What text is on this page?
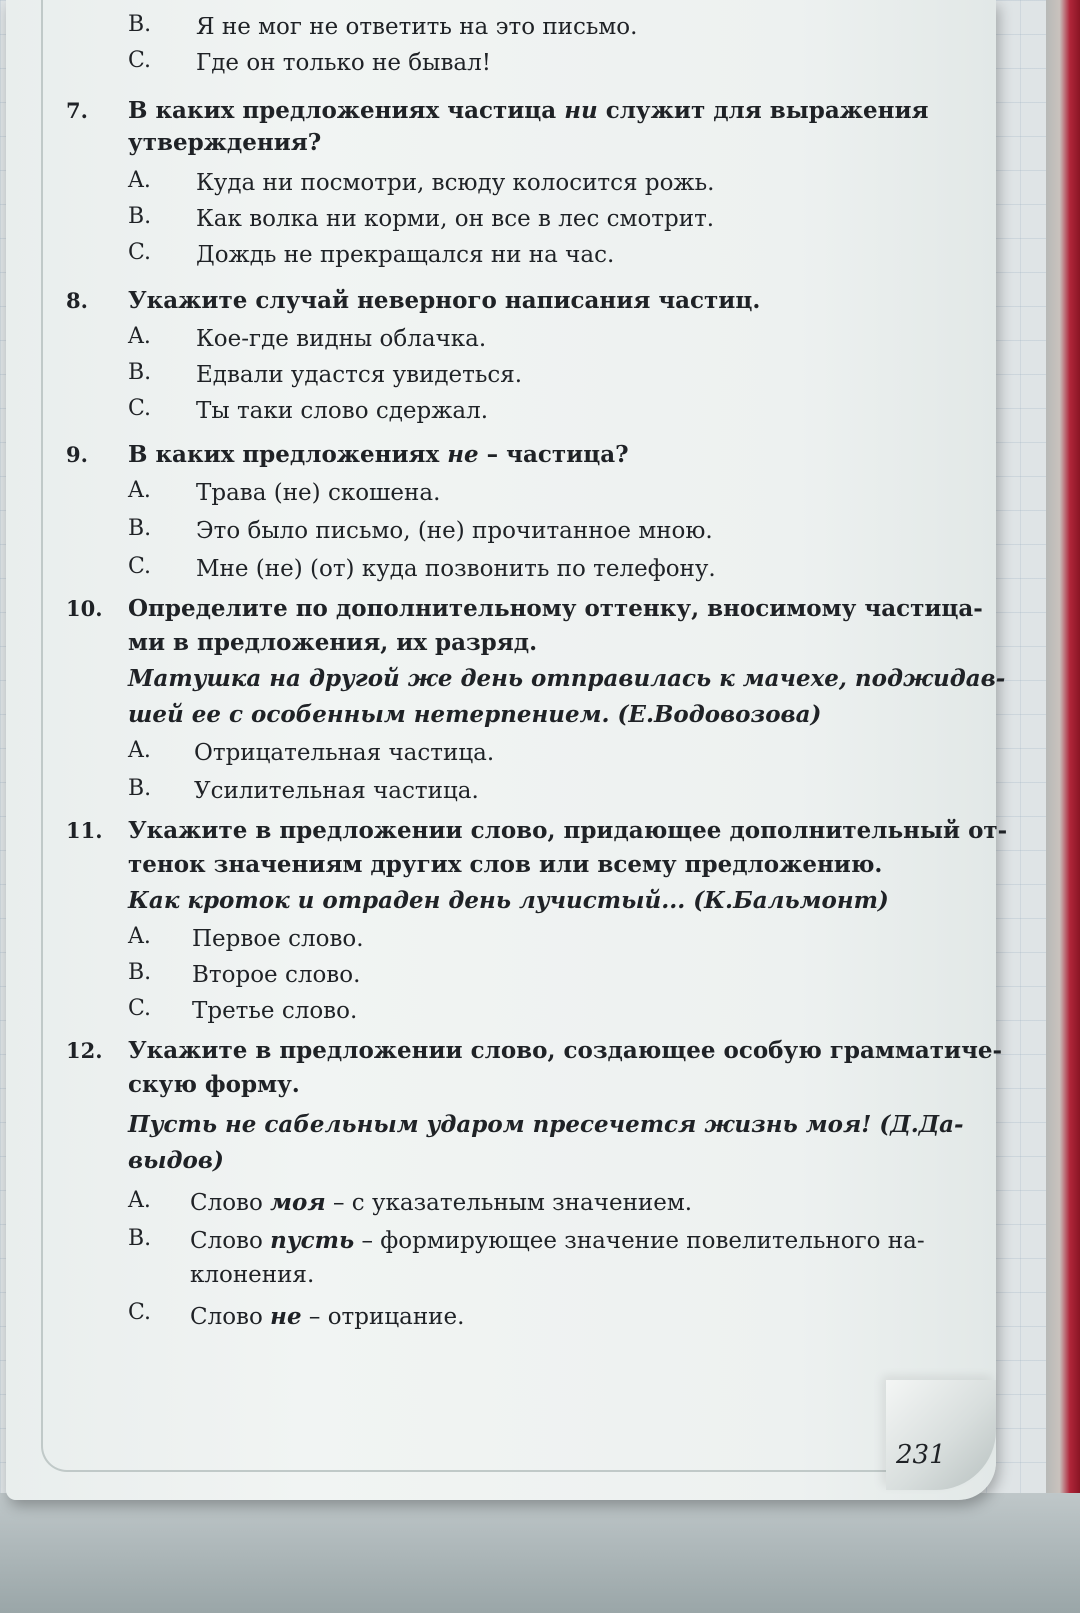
B. Я не мог не ответить на это письмо.
C. Где он только не бывал!
7. В каких предложениях частица ни служит для выражения
утверждения?
A. Куда ни посмотри, всюду колосится рожь.
B. Как волка ни корми, он все в лес смотрит.
C. Дождь не прекращался ни на час.
8. Укажите случай неверного написания частиц.
A. Кое-где видны облачка.
B. Едвали удастся увидеться.
C. Ты таки слово сдержал.
9. В каких предложениях не – частица?
A. Трава (не) скошена.
B. Это было письмо, (не) прочитанное мною.
C. Мне (не) (от) куда позвонить по телефону.
10. Определите по дополнительному оттенку, вносимому частица-
ми в предложения, их разряд.
Матушка на другой же день отправилась к мачехе, поджидав-
шей ее с особенным нетерпением. (Е.Водовозова)
A. Отрицательная частица.
B. Усилительная частица.
11. Укажите в предложении слово, придающее дополнительный от-
тенок значениям других слов или всему предложению.
Как кроток и отраден день лучистый... (К.Бальмонт)
A. Первое слово.
B. Второе слово.
C. Третье слово.
12. Укажите в предложении слово, создающее особую грамматиче-
скую форму.
Пусть не сабельным ударом пресечется жизнь моя! (Д.Да-
выдов)
A. Слово моя – с указательным значением.
B. Слово пусть – формирующее значение повелительного на-
клонения.
C. Слово не – отрицание.
231
